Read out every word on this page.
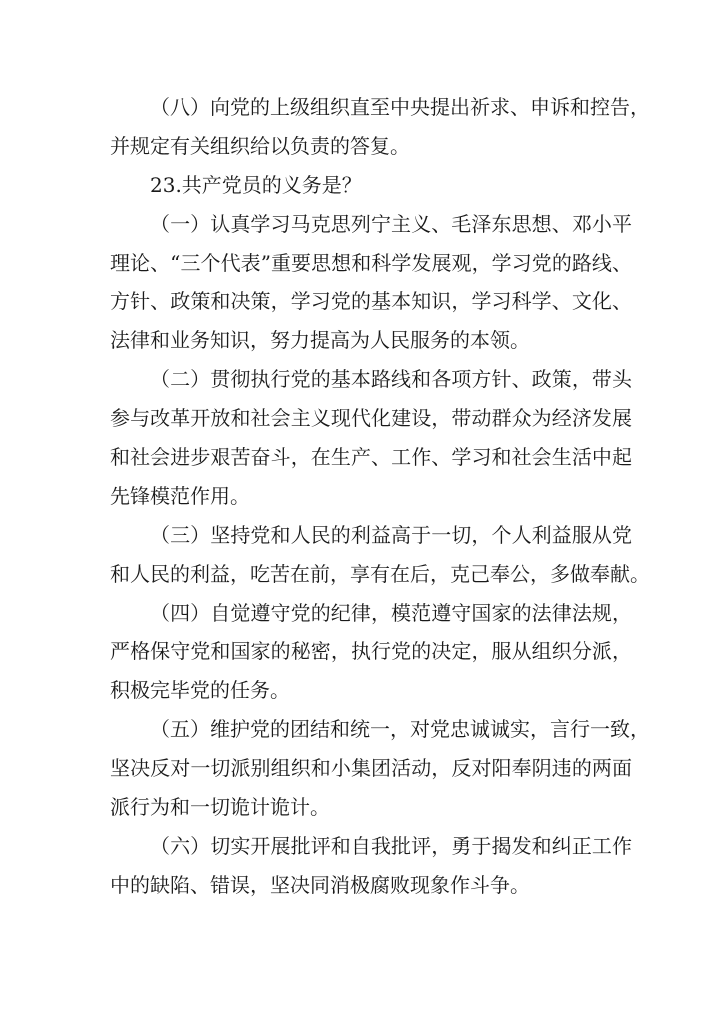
（八）向党的上级组织直至中央提出祈求、申诉和控告，
并规定有关组织给以负责的答复。
23.共产党员的义务是？
（一）认真学习马克思列宁主义、毛泽东思想、邓小平
理论、“三个代表”重要思想和科学发展观，学习党的路线、
方针、政策和决策，学习党的基本知识，学习科学、文化、
法律和业务知识，努力提高为人民服务的本领。
（二）贯彻执行党的基本路线和各项方针、政策，带头
参与改革开放和社会主义现代化建设，带动群众为经济发展
和社会进步艰苦奋斗，在生产、工作、学习和社会生活中起
先锋模范作用。
（三）坚持党和人民的利益高于一切，个人利益服从党
和人民的利益，吃苦在前，享有在后，克己奉公，多做奉献。
（四）自觉遵守党的纪律，模范遵守国家的法律法规，
严格保守党和国家的秘密，执行党的决定，服从组织分派，
积极完毕党的任务。
（五）维护党的团结和统一，对党忠诚诚实，言行一致，
坚决反对一切派别组织和小集团活动，反对阳奉阴违的两面
派行为和一切诡计诡计。
（六）切实开展批评和自我批评，勇于揭发和纠正工作
中的缺陷、错误，坚决同消极腐败现象作斗争。
